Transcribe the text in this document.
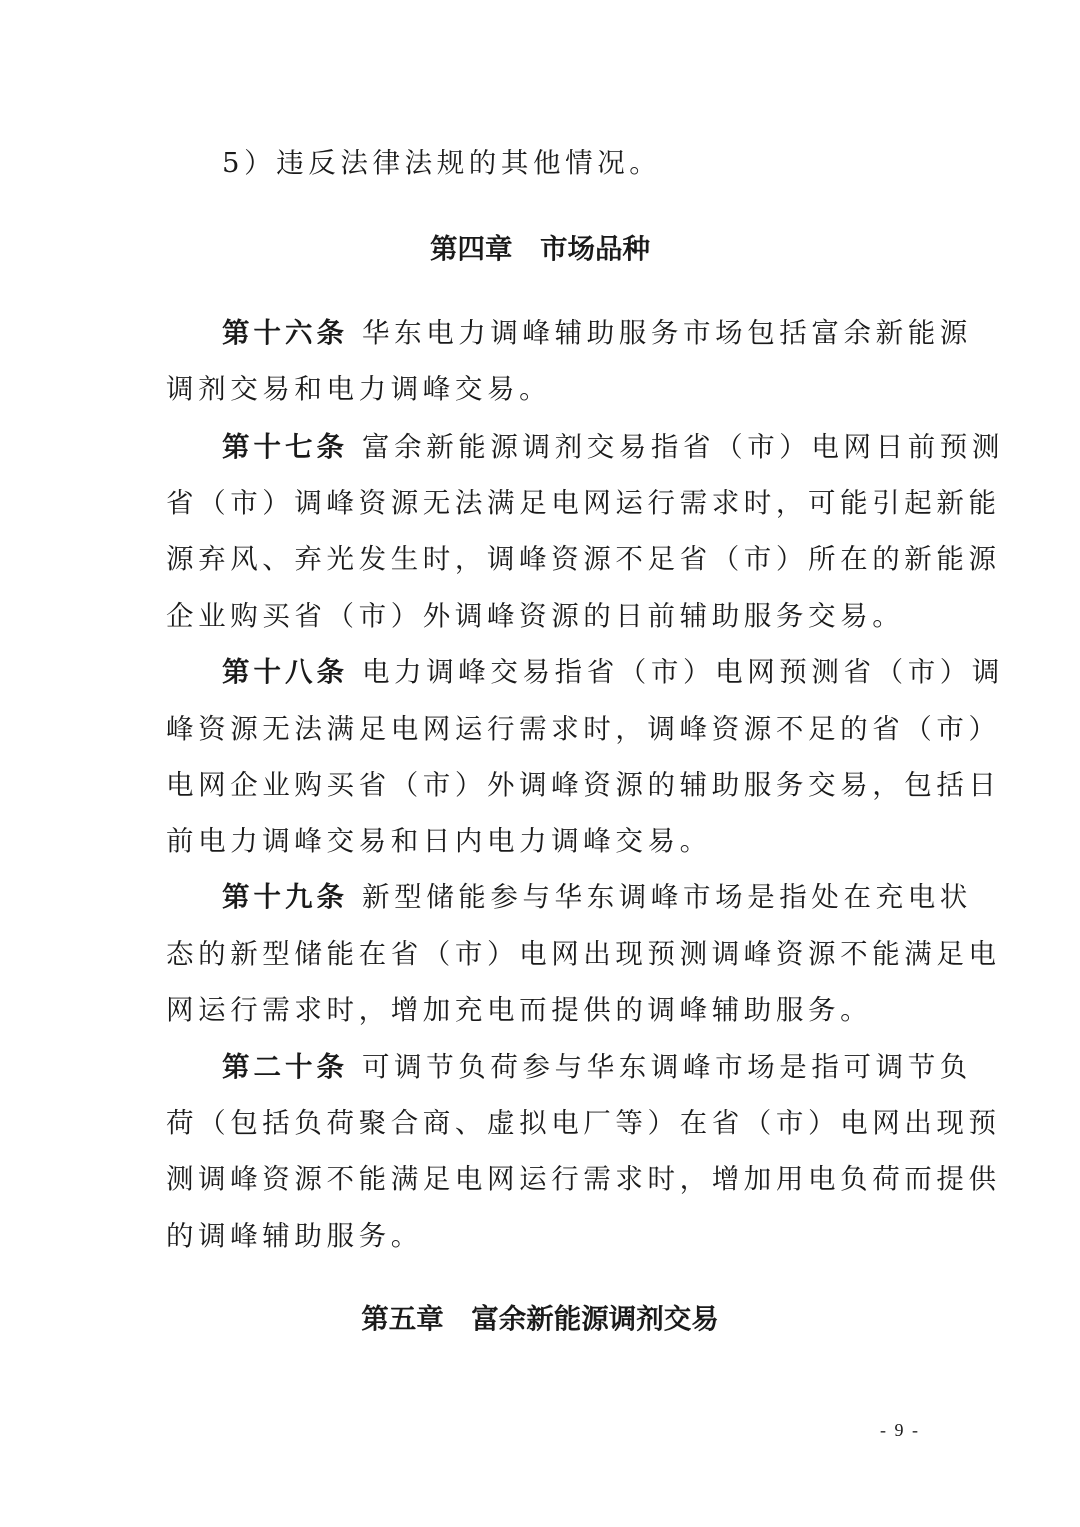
5）违反法律法规的其他情况。
第四章　市场品种
第十六条 华东电力调峰辅助服务市场包括富余新能源
调剂交易和电力调峰交易。
第十七条 富余新能源调剂交易指省（市）电网日前预测
省（市）调峰资源无法满足电网运行需求时，可能引起新能
源弃风、弃光发生时，调峰资源不足省（市）所在的新能源
企业购买省（市）外调峰资源的日前辅助服务交易。
第十八条 电力调峰交易指省（市）电网预测省（市）调
峰资源无法满足电网运行需求时，调峰资源不足的省（市）
电网企业购买省（市）外调峰资源的辅助服务交易，包括日
前电力调峰交易和日内电力调峰交易。
第十九条 新型储能参与华东调峰市场是指处在充电状
态的新型储能在省（市）电网出现预测调峰资源不能满足电
网运行需求时，增加充电而提供的调峰辅助服务。
第二十条 可调节负荷参与华东调峰市场是指可调节负
荷（包括负荷聚合商、虚拟电厂等）在省（市）电网出现预
测调峰资源不能满足电网运行需求时，增加用电负荷而提供
的调峰辅助服务。
第五章　富余新能源调剂交易
- 9 -
